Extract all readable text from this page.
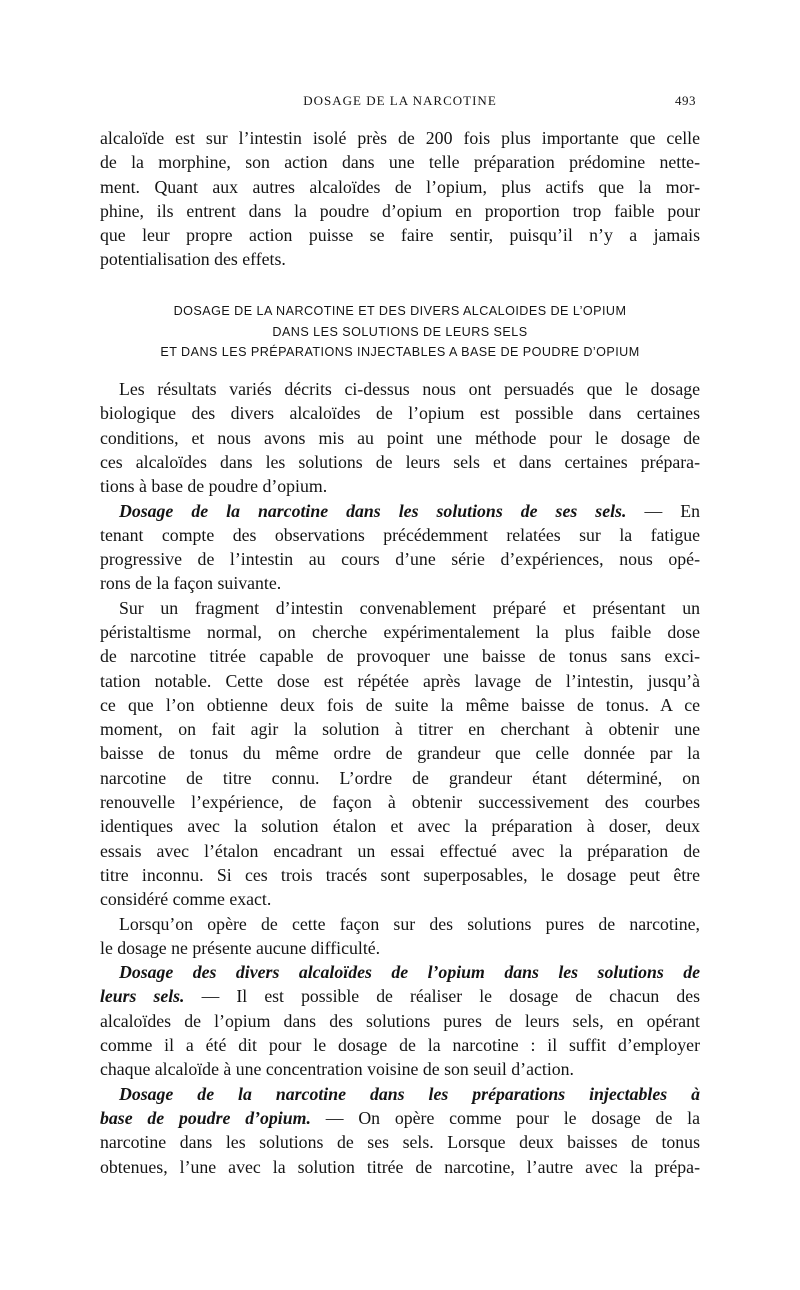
DOSAGE DE LA NARCOTINE	493
alcaloïde est sur l’intestin isolé près de 200 fois plus importante que celle
de la morphine, son action dans une telle préparation prédomine nette-
ment. Quant aux autres alcaloïdes de l’opium, plus actifs que la mor-
phine, ils entrent dans la poudre d’opium en proportion trop faible pour
que leur propre action puisse se faire sentir, puisqu’il n’y a jamais
potentialisation des effets.
DOSAGE DE LA NARCOTINE ET DES DIVERS ALCALOIDES DE L’OPIUM
DANS LES SOLUTIONS DE LEURS SELS
ET DANS LES PRÉPARATIONS INJECTABLES A BASE DE POUDRE D’OPIUM
Les résultats variés décrits ci-dessus nous ont persuadés que le dosage
biologique des divers alcaloïdes de l’opium est possible dans certaines
conditions, et nous avons mis au point une méthode pour le dosage de
ces alcaloïdes dans les solutions de leurs sels et dans certaines prépara-
tions à base de poudre d’opium.
Dosage de la narcotine dans les solutions de ses sels. — En
tenant compte des observations précédemment relatées sur la fatigue
progressive de l’intestin au cours d’une série d’expériences, nous opé-
rons de la façon suivante.
Sur un fragment d’intestin convenablement préparé et présentant un
péristaltisme normal, on cherche expérimentalement la plus faible dose
de narcotine titrée capable de provoquer une baisse de tonus sans exci-
tation notable. Cette dose est répétée après lavage de l’intestin, jusqu’à
ce que l’on obtienne deux fois de suite la même baisse de tonus. A ce
moment, on fait agir la solution à titrer en cherchant à obtenir une
baisse de tonus du même ordre de grandeur que celle donnée par la
narcotine de titre connu. L’ordre de grandeur étant déterminé, on
renouvelle l’expérience, de façon à obtenir successivement des courbes
identiques avec la solution étalon et avec la préparation à doser, deux
essais avec l’étalon encadrant un essai effectué avec la préparation de
titre inconnu. Si ces trois tracés sont superposables, le dosage peut être
considéré comme exact.
Lorsqu’on opère de cette façon sur des solutions pures de narcotine,
le dosage ne présente aucune difficulté.
Dosage des divers alcaloïdes de l’opium dans les solutions de
leurs sels. — Il est possible de réaliser le dosage de chacun des
alcaloïdes de l’opium dans des solutions pures de leurs sels, en opérant
comme il a été dit pour le dosage de la narcotine : il suffit d’employer
chaque alcaloïde à une concentration voisine de son seuil d’action.
Dosage de la narcotine dans les préparations injectables à
base de poudre d’opium. — On opère comme pour le dosage de la
narcotine dans les solutions de ses sels. Lorsque deux baisses de tonus
obtenues, l’une avec la solution titrée de narcotine, l’autre avec la prépa-
